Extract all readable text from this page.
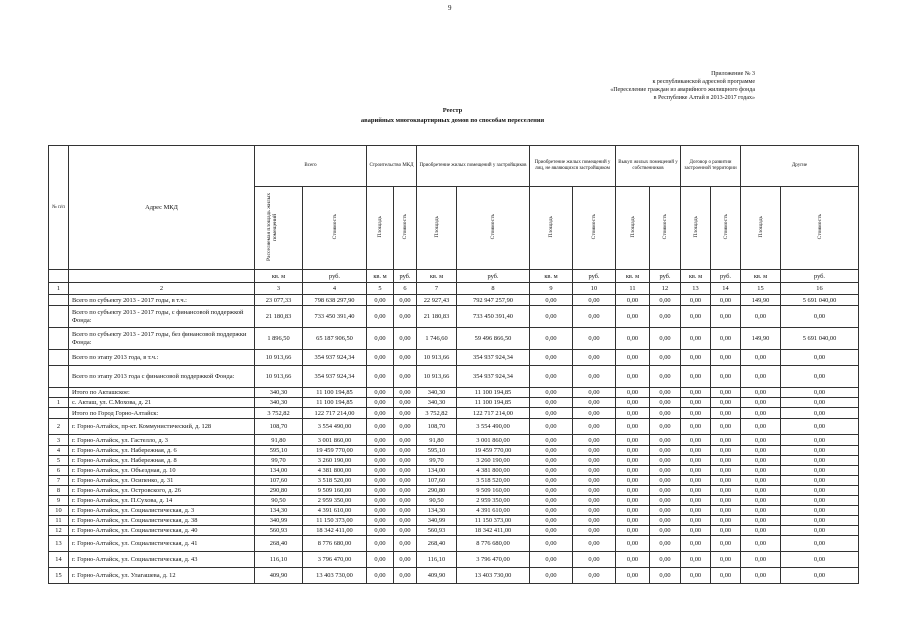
9
Приложение № 3
к республиканской адресной программе
«Переселение граждан из аварийного жилищного фонда
в Республике Алтай в 2013-2017 годах»
Реестр
аварийных многоквартирных домов по способам переселения
№ п/п	Адрес МКД	Всего		Строительство МКД		Приобретение жилых помещений у застройщиков		Приобретение жилых помещений у лиц, не являющихся застройщиком		Выкуп жилых помещений у собственников		Договор о развитии застроенной территории		Другие	
		Расселяемая площадь жилых помещений	Стоимость	Площадь	Стоимость	Площадь	Стоимость	Площадь	Стоимость	Площадь	Стоимость	Площадь	Стоимость	Площадь	Стоимость
		кв. м	руб.	кв. м	руб.	кв. м	руб.	кв. м	руб.	кв. м	руб.	кв. м	руб.	кв. м	руб.
1	2	3	4	5	6	7	8	9	10	11	12	13	14	15	16
	Всего по субъекту 2013 - 2017 годы, в т.ч.:	23 077,33	798 638 297,90	0,00	0,00	22 927,43	792 947 257,90	0,00	0,00	0,00	0,00	0,00	0,00	149,90	5 691 040,00
	Всего по субъекту 2013 - 2017 годы, с финансовой поддержкой Фонда:	21 180,83	733 450 391,40	0,00	0,00	21 180,83	733 450 391,40	0,00	0,00	0,00	0,00	0,00	0,00	0,00	0,00
	Всего по субъекту 2013 - 2017 годы, без финансовой поддержки Фонда:	1 896,50	65 187 906,50	0,00	0,00	1 746,60	59 496 866,50	0,00	0,00	0,00	0,00	0,00	0,00	149,90	5 691 040,00
	Всего по этапу 2013 года, в т.ч.:	10 913,66	354 937 924,34	0,00	0,00	10 913,66	354 937 924,34	0,00	0,00	0,00	0,00	0,00	0,00	0,00	0,00
	Всего по этапу 2013 года с финансовой поддержкой Фонда:	10 913,66	354 937 924,34	0,00	0,00	10 913,66	354 937 924,34	0,00	0,00	0,00	0,00	0,00	0,00	0,00	0,00
	Итого по Акташское:	340,30	11 100 194,85	0,00	0,00	340,30	11 100 194,85	0,00	0,00	0,00	0,00	0,00	0,00	0,00	0,00
1	с. Акташ, ул. С.Мохова, д. 21	340,30	11 100 194,85	0,00	0,00	340,30	11 100 194,85	0,00	0,00	0,00	0,00	0,00	0,00	0,00	0,00
	Итого по Город Горно-Алтайск:	3 752,82	122 717 214,00	0,00	0,00	3 752,82	122 717 214,00	0,00	0,00	0,00	0,00	0,00	0,00	0,00	0,00
2	г. Горно-Алтайск, пр-кт. Коммунистический, д. 128	108,70	3 554 490,00	0,00	0,00	108,70	3 554 490,00	0,00	0,00	0,00	0,00	0,00	0,00	0,00	0,00
3	г. Горно-Алтайск, ул. Гастелло, д. 3	91,80	3 001 860,00	0,00	0,00	91,80	3 001 860,00	0,00	0,00	0,00	0,00	0,00	0,00	0,00	0,00
4	г. Горно-Алтайск, ул. Набережная, д. 6	595,10	19 459 770,00	0,00	0,00	595,10	19 459 770,00	0,00	0,00	0,00	0,00	0,00	0,00	0,00	0,00
5	г. Горно-Алтайск, ул. Набережная, д. 8	99,70	3 260 190,00	0,00	0,00	99,70	3 260 190,00	0,00	0,00	0,00	0,00	0,00	0,00	0,00	0,00
6	г. Горно-Алтайск, ул. Объездная, д. 10	134,00	4 381 800,00	0,00	0,00	134,00	4 381 800,00	0,00	0,00	0,00	0,00	0,00	0,00	0,00	0,00
7	г. Горно-Алтайск, ул. Осипенко, д. 31	107,60	3 518 520,00	0,00	0,00	107,60	3 518 520,00	0,00	0,00	0,00	0,00	0,00	0,00	0,00	0,00
8	г. Горно-Алтайск, ул. Островского, д. 26	290,80	9 509 160,00	0,00	0,00	290,80	9 509 160,00	0,00	0,00	0,00	0,00	0,00	0,00	0,00	0,00
9	г. Горно-Алтайск, ул. П.Сухова, д. 14	90,50	2 959 350,00	0,00	0,00	90,50	2 959 350,00	0,00	0,00	0,00	0,00	0,00	0,00	0,00	0,00
10	г. Горно-Алтайск, ул. Социалистическая, д. 3	134,30	4 391 610,00	0,00	0,00	134,30	4 391 610,00	0,00	0,00	0,00	0,00	0,00	0,00	0,00	0,00
11	г. Горно-Алтайск, ул. Социалистическая, д. 38	340,99	11 150 373,00	0,00	0,00	340,99	11 150 373,00	0,00	0,00	0,00	0,00	0,00	0,00	0,00	0,00
12	г. Горно-Алтайск, ул. Социалистическая, д. 40	560,93	18 342 411,00	0,00	0,00	560,93	18 342 411,00	0,00	0,00	0,00	0,00	0,00	0,00	0,00	0,00
13	г. Горно-Алтайск, ул. Социалистическая, д. 41	268,40	8 776 680,00	0,00	0,00	268,40	8 776 680,00	0,00	0,00	0,00	0,00	0,00	0,00	0,00	0,00
14	г. Горно-Алтайск, ул. Социалистическая, д. 43	116,10	3 796 470,00	0,00	0,00	116,10	3 796 470,00	0,00	0,00	0,00	0,00	0,00	0,00	0,00	0,00
15	г. Горно-Алтайск, ул. Улагашева, д. 12	409,90	13 403 730,00	0,00	0,00	409,90	13 403 730,00	0,00	0,00	0,00	0,00	0,00	0,00	0,00	0,00
